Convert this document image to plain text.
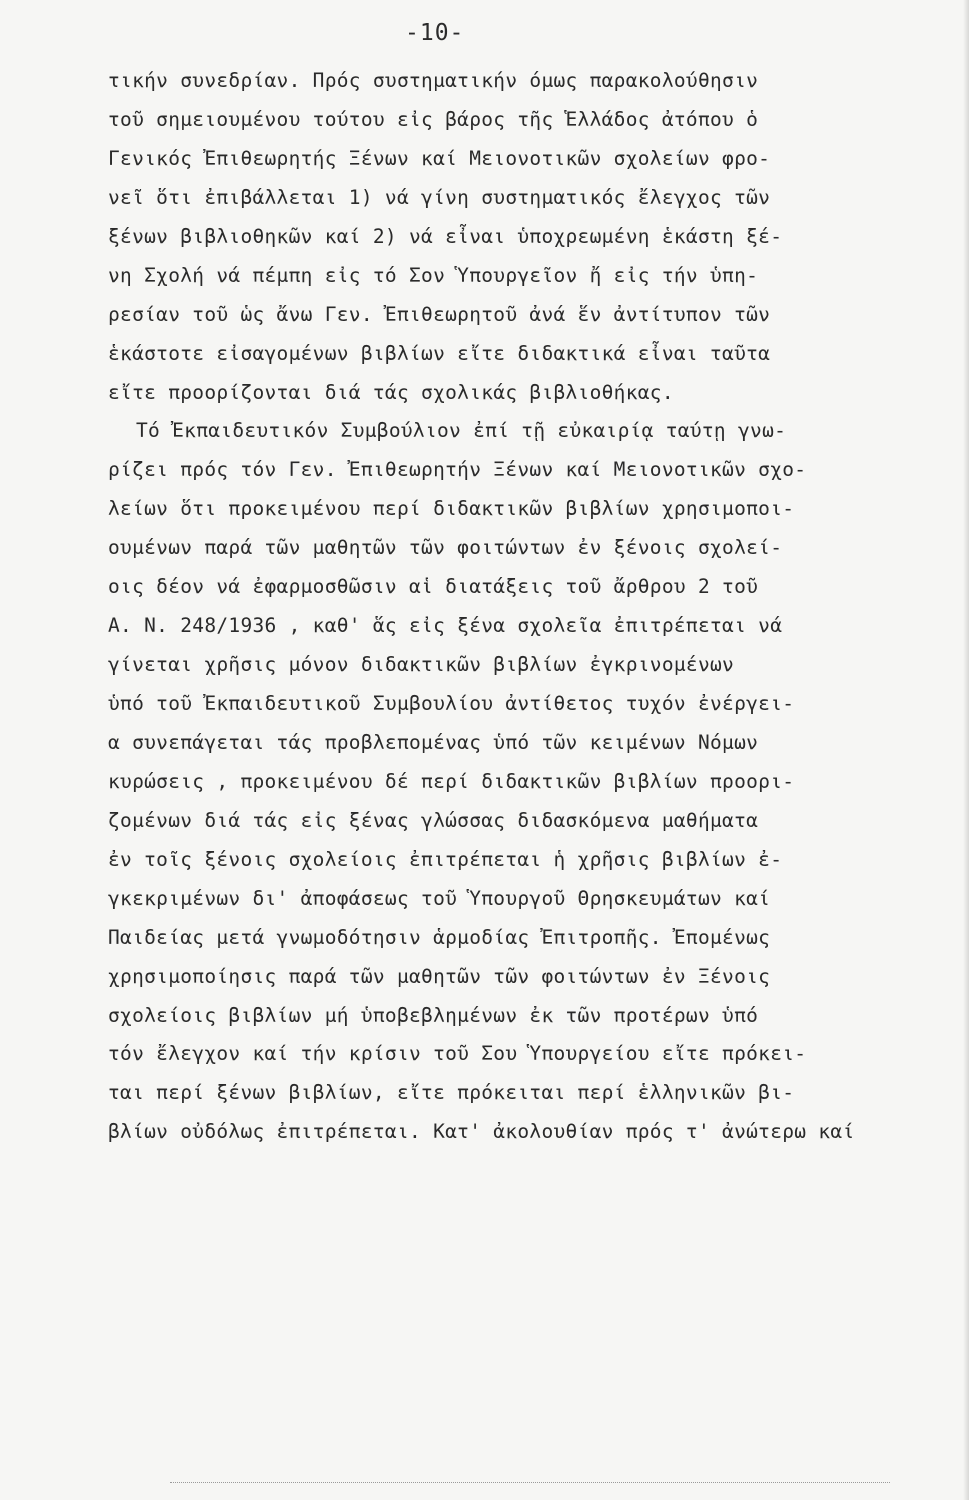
-10-
τικήν συνεδρίαν. Πρός συστηματικήν όμως παρακολούθησιν
τοῦ σημειουμένου τούτου εἰς βάρος τῆς Ἑλλάδος ἀτόπου ὁ
Γενικός Ἐπιθεωρητής Ξένων καί Μειονοτικῶν σχολείων φρο-
νεῖ ὅτι ἐπιβάλλεται 1) νά γίνη συστηματικός ἔλεγχος τῶν
ξένων βιβλιοθηκῶν καί 2) νά εἶναι ὑποχρεωμένη ἑκάστη ξέ-
νη Σχολή νά πέμπη εἰς τό Σον Ὑπουργεῖον ἤ εἰς τήν ὑπη-
ρεσίαν τοῦ ὡς ἄνω Γεν. Ἐπιθεωρητοῦ ἀνά ἕν ἀντίτυπον τῶν
ἑκάστοτε εἰσαγομένων βιβλίων εἴτε διδακτικά εἶναι ταῦτα
εἴτε προορίζονται διά τάς σχολικάς βιβλιοθήκας.
Τό Ἐκπαιδευτικόν Συμβούλιον ἐπί τῇ εὐκαιρίᾳ ταύτῃ γνω-
ρίζει πρός τόν Γεν. Ἐπιθεωρητήν Ξένων καί Μειονοτικῶν σχο-
λείων ὅτι προκειμένου περί διδακτικῶν βιβλίων χρησιμοποι-
ουμένων παρά τῶν μαθητῶν τῶν φοιτώντων ἐν ξένοις σχολεί-
οις δέον νά ἐφαρμοσθῶσιν αἱ διατάξεις τοῦ ἄρθρου 2 τοῦ
Α. Ν. 248/1936 , καθ' ἅς εἰς ξένα σχολεῖα ἐπιτρέπεται νά
γίνεται χρῆσις μόνον διδακτικῶν βιβλίων ἐγκρινομένων
ὑπό τοῦ Ἐκπαιδευτικοῦ Συμβουλίου ἀντίθετος τυχόν ἐνέργει-
α συνεπάγεται τάς προβλεπομένας ὑπό τῶν κειμένων Νόμων
κυρώσεις , προκειμένου δέ περί διδακτικῶν βιβλίων προορι-
ζομένων διά τάς εἰς ξένας γλώσσας διδασκόμενα μαθήματα
ἐν τοῖς ξένοις σχολείοις ἐπιτρέπεται ἡ χρῆσις βιβλίων ἐ-
γκεκριμένων δι' ἀποφάσεως τοῦ Ὑπουργοῦ Θρησκευμάτων καί
Παιδείας μετά γνωμοδότησιν ἁρμοδίας Ἐπιτροπῆς. Ἐπομένως
χρησιμοποίησις παρά τῶν μαθητῶν τῶν φοιτώντων ἐν Ξένοις
σχολείοις βιβλίων μή ὑποβεβλημένων ἐκ τῶν προτέρων ὑπό
τόν ἔλεγχον καί τήν κρίσιν τοῦ Σου Ὑπουργείου εἴτε πρόκει-
ται περί ξένων βιβλίων, εἴτε πρόκειται περί ἑλληνικῶν βι-
βλίων οὐδόλως ἐπιτρέπεται. Κατ' ἀκολουθίαν πρός τ' ἀνώτερω καί
